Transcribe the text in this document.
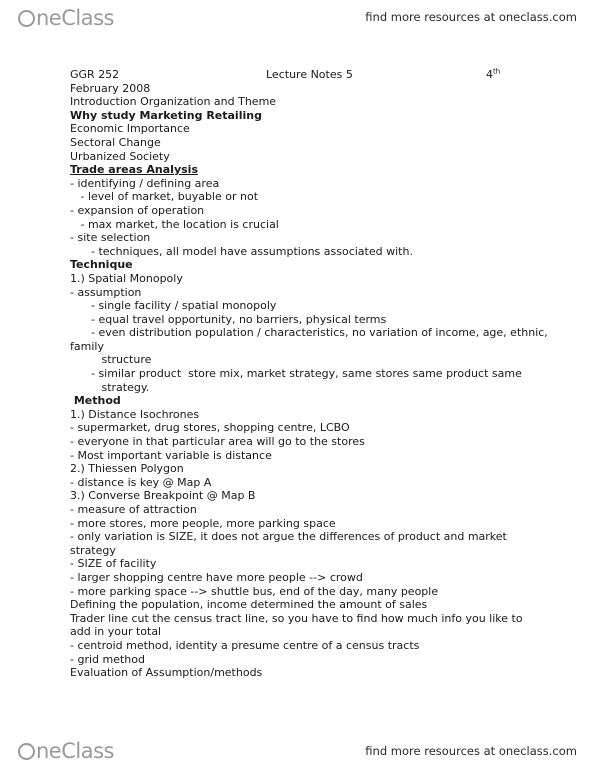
neClass	find more resources at oneclass.com
GGR 252	Lecture Notes 5	4th
February 2008
Introduction Organization and Theme
Why study Marketing Retailing
Economic Importance
Sectoral Change
Urbanized Society
Trade areas Analysis
- identifying / defining area
- level of market, buyable or not
- expansion of operation
- max market, the location is crucial
- site selection
- techniques, all model have assumptions associated with.
Technique
1.) Spatial Monopoly
- assumption
- single facility / spatial monopoly
- equal travel opportunity, no barriers, physical terms
- even distribution population / characteristics, no variation of income, age, ethnic,
family
structure
- similar product  store mix, market strategy, same stores same product same
strategy.
Method
1.) Distance Isochrones
- supermarket, drug stores, shopping centre, LCBO
- everyone in that particular area will go to the stores
- Most important variable is distance
2.) Thiessen Polygon
- distance is key @ Map A
3.) Converse Breakpoint @ Map B
- measure of attraction
- more stores, more people, more parking space
- only variation is SIZE, it does not argue the differences of product and market
strategy
- SIZE of facility
- larger shopping centre have more people --> crowd
- more parking space --> shuttle bus, end of the day, many people
Defining the population, income determined the amount of sales
Trader line cut the census tract line, so you have to find how much info you like to
add in your total
- centroid method, identity a presume centre of a census tracts
- grid method
Evaluation of Assumption/methods
neClass	find more resources at oneclass.com
